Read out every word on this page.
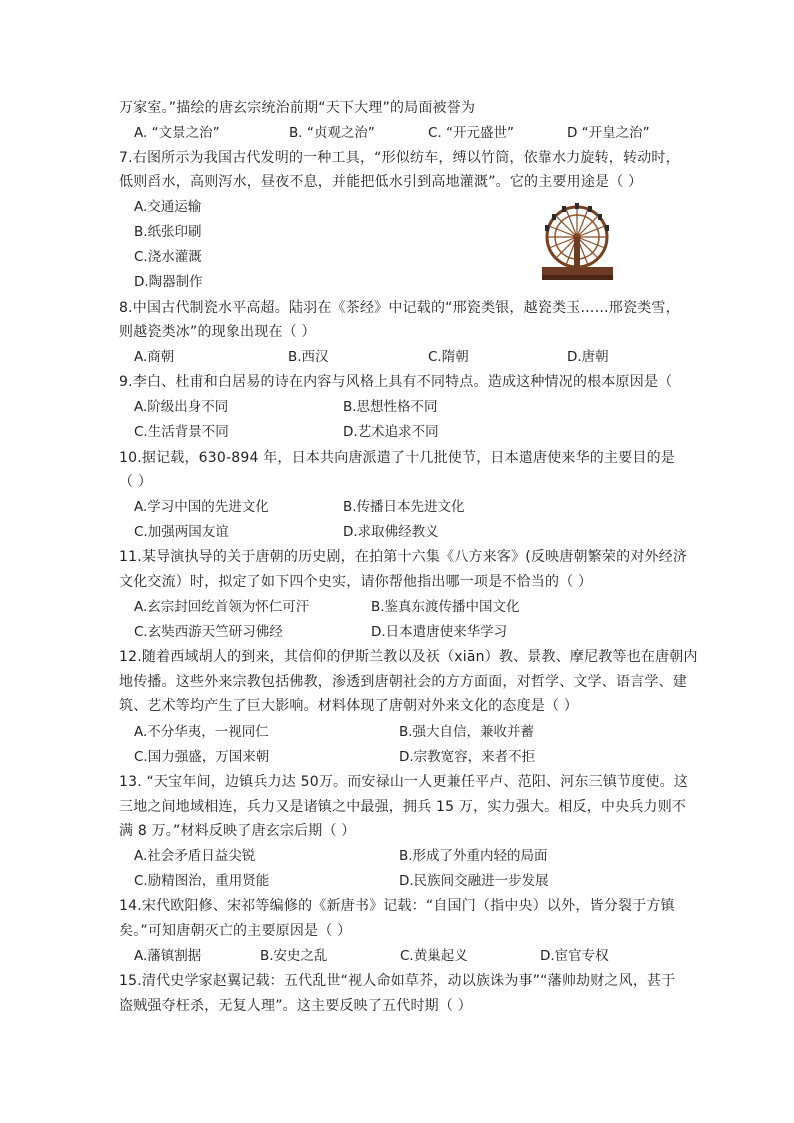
万家室。”描绘的唐玄宗统治前期“天下大理”的局面被誉为
A. “文景之治”	B. “贞观之治”	C. “开元盛世”	D “开皇之治”
7.右图所示为我国古代发明的一种工具，“形似纺车，缚以竹筒，依靠水力旋转，转动时，
低则舀水，高则泻水，昼夜不息，并能把低水引到高地灌溉”。它的主要用途是（ ）
A.交通运输
B.纸张印刷
C.浇水灌溉
D.陶器制作
8.中国古代制瓷水平高超。陆羽在《茶经》中记载的“邢瓷类银，越瓷类玉……邢瓷类雪，
则越瓷类冰”的现象出现在（ ）
A.商朝	B.西汉	C.隋朝	D.唐朝
9.李白、杜甫和白居易的诗在内容与风格上具有不同特点。造成这种情况的根本原因是（
A.阶级出身不同	B.思想性格不同
C.生活背景不同	D.艺术追求不同
10.据记载，630-894 年，日本共向唐派遣了十几批使节，日本遣唐使来华的主要目的是
（ ）
A.学习中国的先进文化	B.传播日本先进文化
C.加强两国友谊	D.求取佛经教义
11.某导演执导的关于唐朝的历史剧，在拍第十六集《八方来客》(反映唐朝繁荣的对外经济
文化交流）时，拟定了如下四个史实，请你帮他指出哪一项是不恰当的（ ）
A.玄宗封回纥首领为怀仁可汗	B.鉴真东渡传播中国文化
C.玄奘西游天竺研习佛经	D.日本遣唐使来华学习
12.随着西域胡人的到来，其信仰的伊斯兰教以及祆（xiān）教、景教、摩尼教等也在唐朝内
地传播。这些外来宗教包括佛教，渗透到唐朝社会的方方面面，对哲学、文学、语言学、建
筑、艺术等均产生了巨大影响。材料体现了唐朝对外来文化的态度是（ ）
A.不分华夷，一视同仁	B.强大自信，兼收并蓄
C.国力强盛，万国来朝	D.宗教宽容，来者不拒
13. “天宝年间，边镇兵力达 50万。而安禄山一人更兼任平卢、范阳、河东三镇节度使。这
三地之间地域相连，兵力又是诸镇之中最强，拥兵 15 万，实力强大。相反，中央兵力则不
满 8 万。”材料反映了唐玄宗后期（ ）
A.社会矛盾日益尖锐	B.形成了外重内轻的局面
C.励精图治，重用贤能	D.民族间交融进一步发展
14.宋代欧阳修、宋祁等编修的《新唐书》记载：“自国门（指中央）以外，皆分裂于方镇
矣。”可知唐朝灭亡的主要原因是（ ）
A.藩镇割据	B.安史之乱	C.黄巢起义	D.宦官专权
15.清代史学家赵翼记载：五代乱世“视人命如草芥，动以族诛为事”“藩帅劫财之风，甚于
盗贼强夺枉杀，无复人理”。这主要反映了五代时期（ ）
